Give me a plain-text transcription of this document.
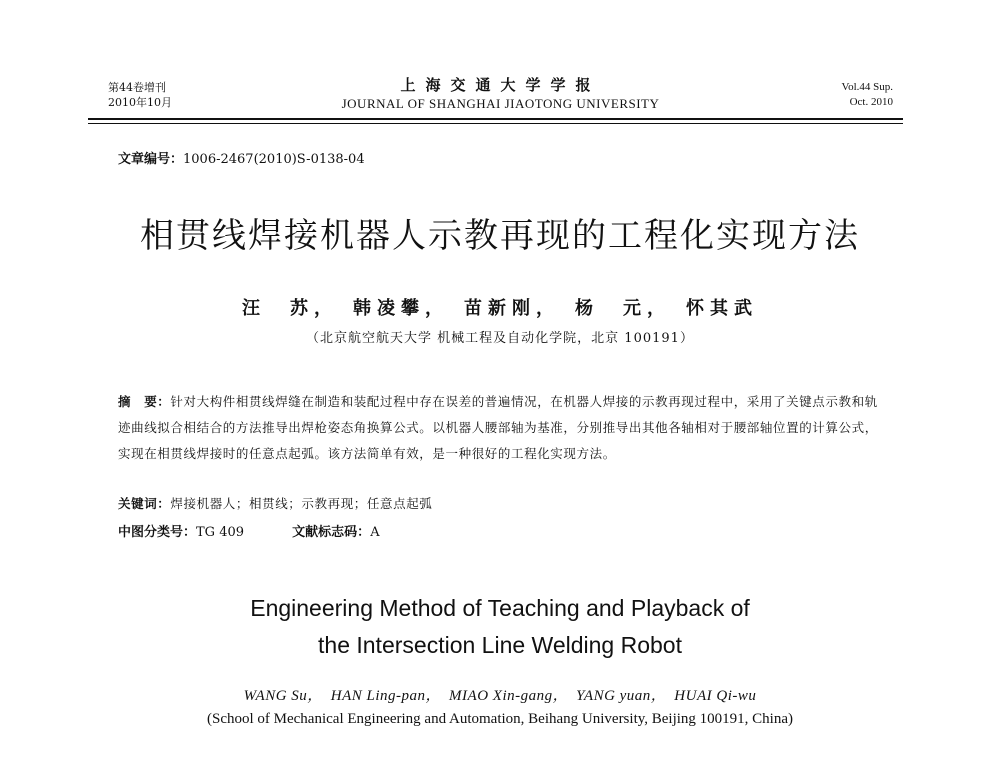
第44卷增刊
2010年10月
上海交通大学学报
JOURNAL OF SHANGHAI JIAOTONG UNIVERSITY
Vol.44 Sup.
Oct. 2010
文章编号：1006-2467(2010)S-0138-04
相贯线焊接机器人示教再现的工程化实现方法
汪　苏，　韩凌攀，　苗新刚，　杨　元，　怀其武
（北京航空航天大学 机械工程及自动化学院，北京 100191）
摘　要：针对大构件相贯线焊缝在制造和装配过程中存在误差的普遍情况，在机器人焊接的示教再现过程中，采用了关键点示教和轨迹曲线拟合相结合的方法推导出焊枪姿态角换算公式。以机器人腰部轴为基准，分别推导出其他各轴相对于腰部轴位置的计算公式，实现在相贯线焊接时的任意点起弧。该方法简单有效，是一种很好的工程化实现方法。
关键词：焊接机器人；相贯线；示教再现；任意点起弧
中图分类号：TG 409	文献标志码：A
Engineering Method of Teaching and Playback of
the Intersection Line Welding Robot
WANG Su，　HAN Ling-pan，　MIAO Xin-gang，　YANG yuan，　HUAI Qi-wu
(School of Mechanical Engineering and Automation, Beihang University, Beijing 100191, China)
